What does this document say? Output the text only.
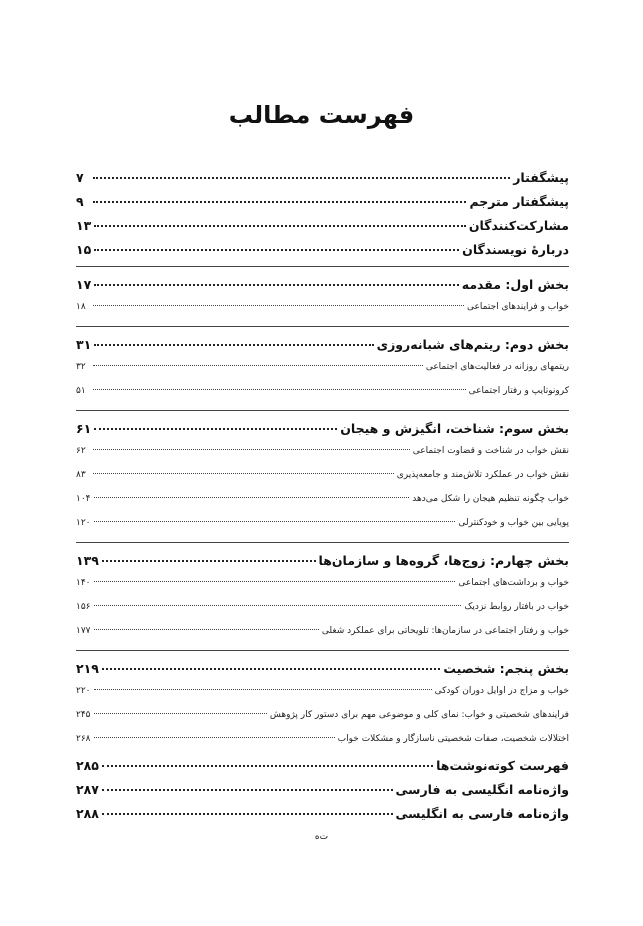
فهرست مطالب
پیشگفتار
۷
پیشگفتار مترجم
۹
مشارکت‌کنندگان
۱۳
دربارهٔ نویسندگان
۱۵
بخش اول: مقدمه
۱۷
خواب و فرایندهای اجتماعی
۱۸
بخش دوم: ریتم‌های شبانه‌روزی
۳۱
ریتمهای روزانه در فعالیت‌های اجتماعی
۳۲
کرونوتایپ و رفتار اجتماعی
۵۱
بخش سوم: شناخت، انگیزش و هیجان
۶۱
نقش خواب در شناخت و قضاوت اجتماعی
۶۲
نقش خواب در عملکرد تلاش‌مند و جامعه‌پذیری
۸۳
خواب چگونه تنظیم هیجان را شکل می‌دهد
۱۰۴
پویایی بین خواب و خودکنترلی
۱۲۰
بخش چهارم: زوج‌ها، گروه‌ها و سازمان‌ها
۱۳۹
خواب و برداشت‌های اجتماعی
۱۴۰
خواب در بافتار روابط نزدیک
۱۵۶
خواب و رفتار اجتماعی در سازمان‌ها: تلویحاتی برای عملکرد شغلی
۱۷۷
بخش پنجم: شخصیت
۲۱۹
خواب و مزاج در اوایل دوران کودکی
۲۲۰
فرایندهای شخصیتی و خواب: نمای کلی و موضوعی مهم برای دستور کار پژوهش
۲۴۵
اختلالات شخصیت، صفات شخصیتی ناسازگار و مشکلات خواب
۲۶۸
فهرست کوته‌نوشت‌ها
۲۸۵
واژه‌نامه انگلیسی به فارسی
۲۸۷
واژه‌نامه فارسی به انگلیسی
۲۸۸
ت‌ه
